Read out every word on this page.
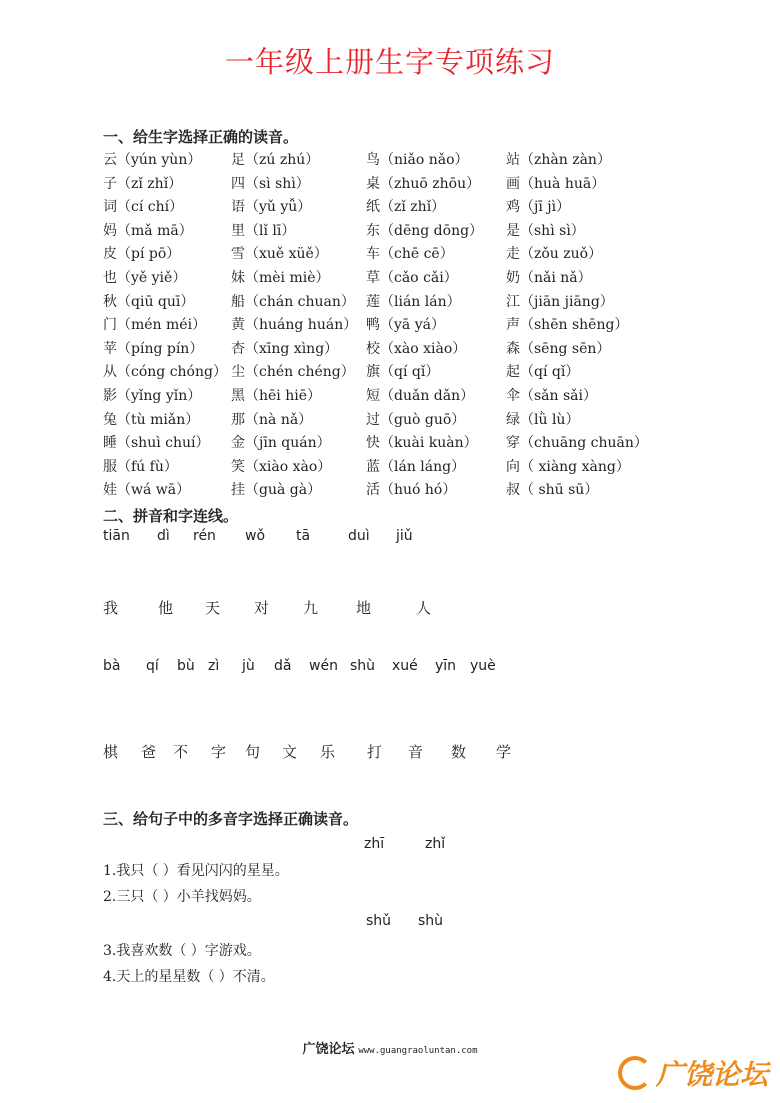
一年级上册生字专项练习
一、给生字选择正确的读音。
云（yún yùn） 足（zú zhú）	鸟（niǎo nǎo）	站（zhàn zàn）
子（zǐ zhǐ）	四（sì shì）	桌（zhuō zhōu） 画（huà huā）
词（cí chí）	语（yǔ yǚ）	纸（zǐ zhǐ）	鸡（jī jì）
妈（mǎ mā）	里（lǐ lī）	东（dēng dōng） 是（shì sì）
皮（pí pō）	雪（xuě xüě）	车（chē cē）	走（zǒu zuǒ）
也（yě yiě）	妹（mèi miè）	草（cǎo cǎi）	奶（nǎi nǎ）
秋（qiū quī）	船（chán chuan） 莲（lián lán）	江（jiān jiāng）
门（mén méi） 黄（huáng huán） 鸭（yā yá）	声（shēn shēng）
苹（píng pín） 杏（xīng xìng） 校（xào xiào）	森（sēng sēn）
从（cóng chóng） 尘（chén chéng） 旗（qí qǐ）	起（qí qǐ）
影（yǐng yǐn） 黑（hēi hiē）	短（duǎn dǎn） 伞（sǎn sǎi）
兔（tù miǎn） 那（nà nǎ）	过（guò guō）	绿（lǜ lù）
睡（shuì chuí） 金（jīn quán）	快（kuài kuàn） 穿（chuāng chuān）
服（fú fù）	笑（xiào xào） 蓝（lán láng）	向（ xiàng xàng）
娃（wá wā）	挂（guà gà）	活（huó hó）	叔（ shū sū）
二、拼音和字连线。
tiān dì rén wǒ tā	duì jiǔ
我	他 天 对 九	地	人
bà qí bù zì jù dǎ wén shù xué yīn yuè
棋 爸 不 字 句 文 乐 打 音 数 学
三、给句子中的多音字选择正确读音。
zhī	zhǐ
1.我只（ ）看见闪闪的星星。
2.三只（ ）小羊找妈妈。
shǔ shù
3.我喜欢数（ ）字游戏。
4.天上的星星数（ ）不清。
广饶论坛 www.guangraoluntan.com
广饶论坛
